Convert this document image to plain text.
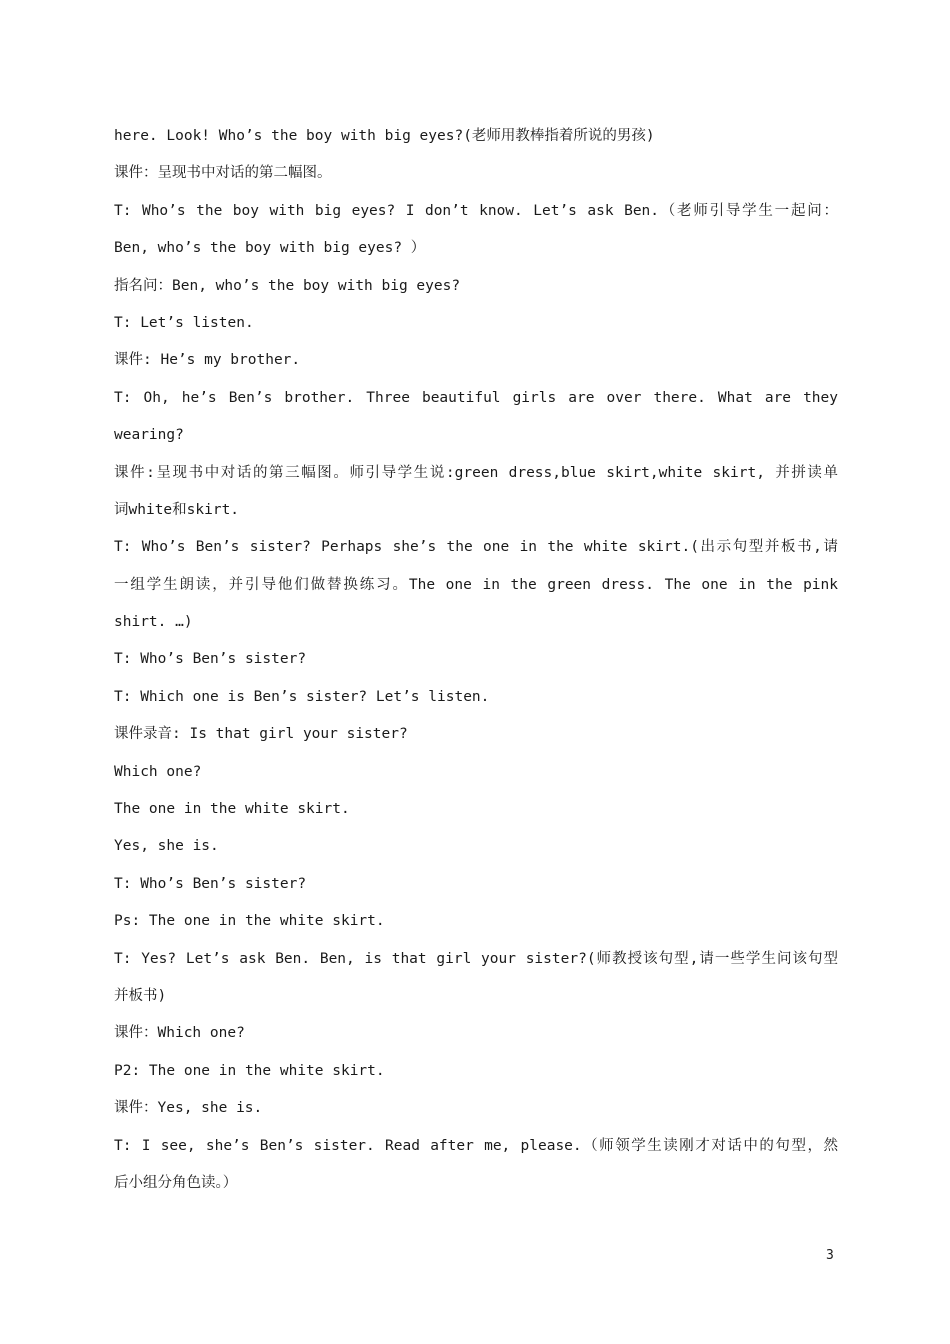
here. Look! Who’s the boy with big eyes?(老师用教棒指着所说的男孩)
课件：呈现书中对话的第二幅图。
T: Who’s the boy with big eyes? I don’t know. Let’s ask Ben.（老师引导学生一起问：
Ben, who’s the boy with big eyes? ）
指名问：Ben, who’s the boy with big eyes?
T: Let’s listen.
课件: He’s my brother.
T: Oh, he’s Ben’s brother. Three beautiful girls are over there. What are they
wearing?
课件:呈现书中对话的第三幅图。师引导学生说:green dress,blue skirt,white skirt, 并拼读单
词white和skirt.
T: Who’s Ben’s sister? Perhaps she’s the one in the white skirt.(出示句型并板书,请
一组学生朗读，并引导他们做替换练习。The one in the green dress. The one in the pink
shirt. …)
T: Who’s Ben’s sister?
T: Which one is Ben’s sister? Let’s listen.
课件录音: Is that girl your sister?
Which one?
The one in the white skirt.
Yes, she is.
T: Who’s Ben’s sister?
Ps: The one in the white skirt.
T: Yes? Let’s ask Ben. Ben, is that girl your sister?(师教授该句型,请一些学生问该句型
并板书)
课件：Which one?
P2: The one in the white skirt.
课件：Yes, she is.
T: I see, she’s Ben’s sister. Read after me, please.（师领学生读刚才对话中的句型，然
后小组分角色读。）
3
